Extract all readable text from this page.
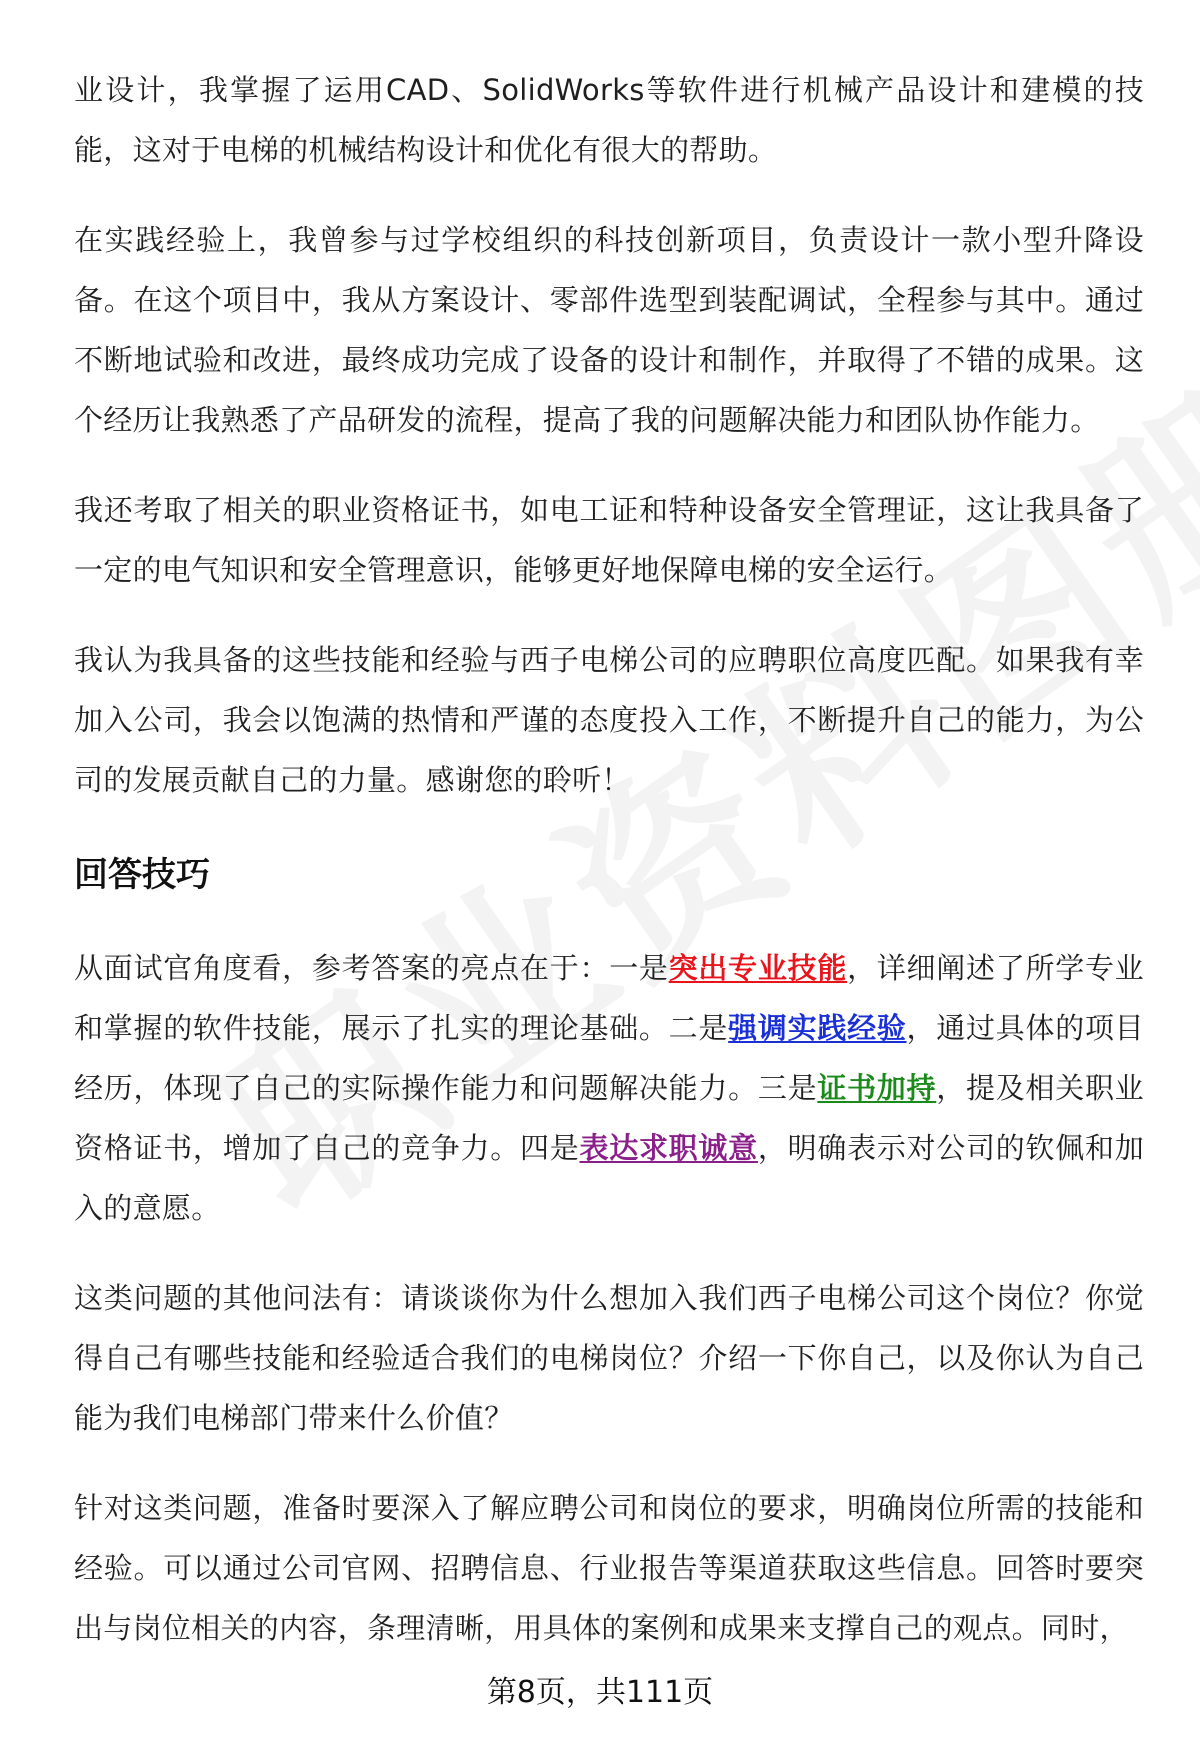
业设计，我掌握了运用CAD、SolidWorks等软件进行机械产品设计和建模的技能，这对于电梯的机械结构设计和优化有很大的帮助。

在实践经验上，我曾参与过学校组织的科技创新项目，负责设计一款小型升降设备。在这个项目中，我从方案设计、零部件选型到装配调试，全程参与其中。通过不断地试验和改进，最终成功完成了设备的设计和制作，并取得了不错的成果。这个经历让我熟悉了产品研发的流程，提高了我的问题解决能力和团队协作能力。

我还考取了相关的职业资格证书，如电工证和特种设备安全管理证，这让我具备了一定的电气知识和安全管理意识，能够更好地保障电梯的安全运行。

我认为我具备的这些技能和经验与西子电梯公司的应聘职位高度匹配。如果我有幸加入公司，我会以饱满的热情和严谨的态度投入工作，不断提升自己的能力，为公司的发展贡献自己的力量。感谢您的聆听！

回答技巧

从面试官角度看，参考答案的亮点在于：一是突出专业技能，详细阐述了所学专业和掌握的软件技能，展示了扎实的理论基础。二是强调实践经验，通过具体的项目经历，体现了自己的实际操作能力和问题解决能力。三是证书加持，提及相关职业资格证书，增加了自己的竞争力。四是表达求职诚意，明确表示对公司的钦佩和加入的意愿。

这类问题的其他问法有：请谈谈你为什么想加入我们西子电梯公司这个岗位？你觉得自己有哪些技能和经验适合我们的电梯岗位？介绍一下你自己，以及你认为自己能为我们电梯部门带来什么价值？

针对这类问题，准备时要深入了解应聘公司和岗位的要求，明确岗位所需的技能和经验。可以通过公司官网、招聘信息、行业报告等渠道获取这些信息。回答时要突出与岗位相关的内容，条理清晰，用具体的案例和成果来支撑自己的观点。同时，

第8页，共111页
